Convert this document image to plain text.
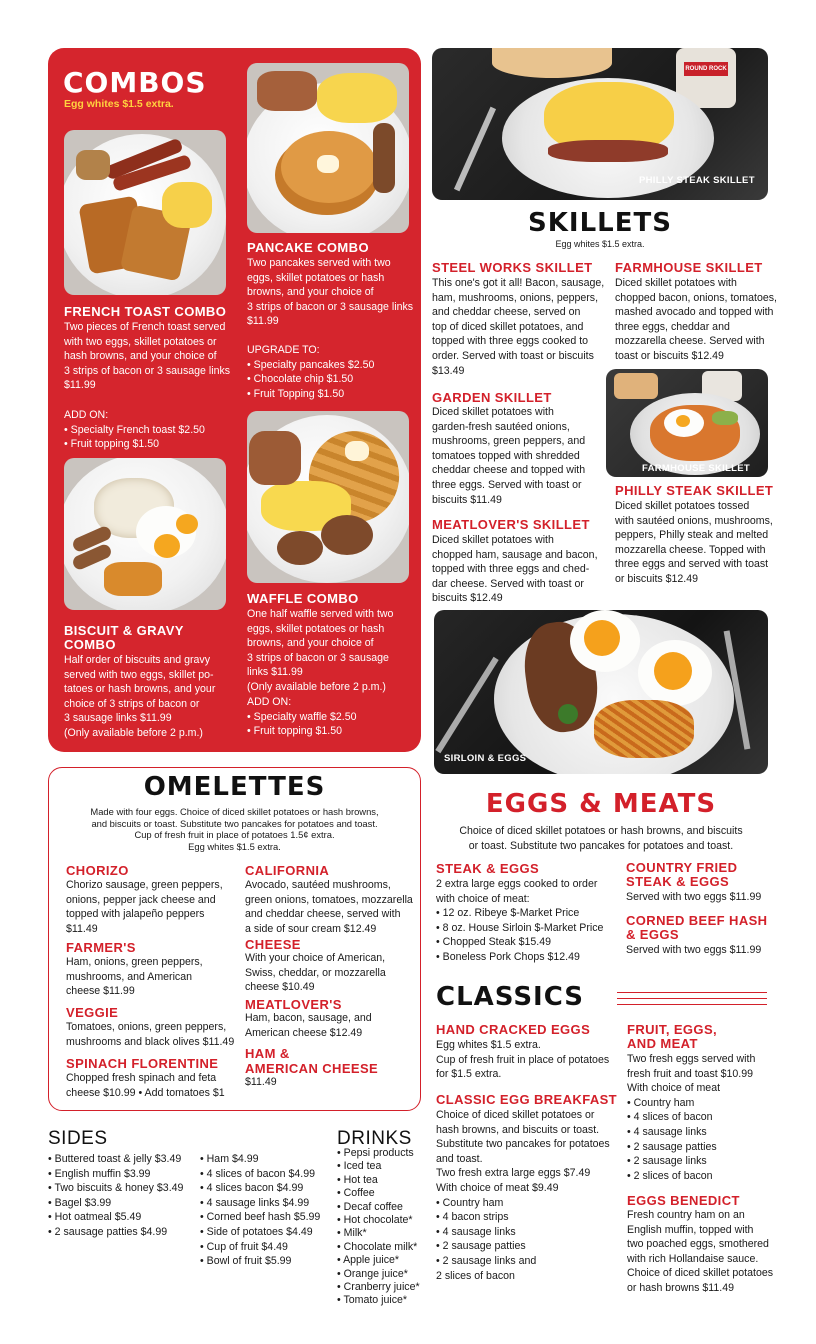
COMBOS
Egg whites $1.5 extra.
FRENCH TOAST COMBO
Two pieces of French toast served
with two eggs, skillet potatoes or
hash browns, and your choice of
3 strips of bacon or 3 sausage links
$11.99
ADD ON:
• Specialty French toast $2.50
• Fruit topping $1.50
PANCAKE COMBO
Two pancakes served with two
eggs, skillet potatoes or hash
browns, and your choice of
3 strips of bacon or 3 sausage links
$11.99
UPGRADE TO:
• Specialty pancakes $2.50
• Chocolate chip $1.50
• Fruit Topping $1.50
BISCUIT & GRAVY
COMBO
Half order of biscuits and gravy
served with two eggs, skillet po-
tatoes or hash browns, and your
choice of 3 strips of bacon or
3 sausage links $11.99
(Only available before 2 p.m.)
WAFFLE COMBO
One half waffle served with two
eggs, skillet potatoes or hash
browns, and your choice of
3 strips of bacon or 3 sausage
links $11.99
(Only available before 2 p.m.)
ADD ON:
• Specialty waffle $2.50
• Fruit topping $1.50
ROUND ROCK
PHILLY STEAK SKILLET
SKILLETS
Egg whites $1.5 extra.
STEEL WORKS SKILLET
This one's got it all! Bacon, sausage,
ham, mushrooms, onions, peppers,
and cheddar cheese, served on
top of diced skillet potatoes, and
topped with three eggs cooked to
order. Served with toast or biscuits
$13.49
GARDEN SKILLET
Diced skillet potatoes with
garden-fresh sautéed onions,
mushrooms, green peppers, and
tomatoes topped with shredded
cheddar cheese and topped with
three eggs. Served with toast or
biscuits $11.49
MEATLOVER'S SKILLET
Diced skillet potatoes with
chopped ham, sausage and bacon,
topped with three eggs and ched-
dar cheese. Served with toast or
biscuits $12.49
FARMHOUSE SKILLET
Diced skillet potatoes with
chopped bacon, onions, tomatoes,
mashed avocado and topped with
three eggs, cheddar and
mozzarella cheese. Served with
toast or biscuits $12.49
FARMHOUSE SKILLET
PHILLY STEAK SKILLET
Diced skillet potatoes tossed
with sautéed onions, mushrooms,
peppers, Philly steak and melted
mozzarella cheese. Topped with
three eggs and served with toast
or biscuits $12.49
SIRLOIN & EGGS
OMELETTES
Made with four eggs. Choice of diced skillet potatoes or hash browns,
and biscuits or toast. Substitute two pancakes for potatoes and toast.
Cup of fresh fruit in place of potatoes 1.5¢ extra.
Egg whites $1.5 extra.
CHORIZO
Chorizo sausage, green peppers,
onions, pepper jack cheese and
topped with jalapeño peppers
$11.49
FARMER'S
Ham, onions, green peppers,
mushrooms, and American
cheese $11.99
VEGGIE
Tomatoes, onions, green peppers,
mushrooms and black olives $11.49
SPINACH FLORENTINE
Chopped fresh spinach and feta
cheese $10.99 • Add tomatoes $1
CALIFORNIA
Avocado, sautéed mushrooms,
green onions, tomatoes, mozzarella
and cheddar cheese, served with
a side of sour cream $12.49
CHEESE
With your choice of American,
Swiss, cheddar, or mozzarella
cheese $10.49
MEATLOVER'S
Ham, bacon, sausage, and
American cheese $12.49
HAM &
AMERICAN CHEESE
$11.49
EGGS & MEATS
Choice of diced skillet potatoes or hash browns, and biscuits
or toast. Substitute two pancakes for potatoes and toast.
STEAK & EGGS
2 extra large eggs cooked to order
with choice of meat:
• 12 oz. Ribeye $-Market Price
• 8 oz. House Sirloin $-Market Price
• Chopped Steak $15.49
• Boneless Pork Chops $12.49
COUNTRY FRIED
STEAK & EGGS
Served with two eggs $11.99
CORNED BEEF HASH
& EGGS
Served with two eggs $11.99
CLASSICS
HAND CRACKED EGGS
Egg whites $1.5 extra.
Cup of fresh fruit in place of potatoes
for $1.5 extra.
CLASSIC EGG BREAKFAST
Choice of diced skillet potatoes or
hash browns, and biscuits or toast.
Substitute two pancakes for potatoes
and toast.
Two fresh extra large eggs $7.49
With choice of meat $9.49
• Country ham
• 4 bacon strips
• 4 sausage links
• 2 sausage patties
• 2 sausage links and
2 slices of bacon
FRUIT, EGGS,
AND MEAT
Two fresh eggs served with
fresh fruit and toast $10.99
With choice of meat
• Country ham
• 4 slices of bacon
• 4 sausage links
• 2 sausage patties
• 2 sausage links
• 2 slices of bacon
EGGS BENEDICT
Fresh country ham on an
English muffin, topped with
two poached eggs, smothered
with rich Hollandaise sauce.
Choice of diced skillet potatoes
or hash browns $11.49
SIDES
• Buttered toast & jelly $3.49
• English muffin $3.99
• Two biscuits & honey $3.49
• Bagel $3.99
• Hot oatmeal $5.49
• 2 sausage patties $4.99
• Ham $4.99
• 4 slices of bacon $4.99
• 4 slices bacon $4.99
• 4 sausage links $4.99
• Corned beef hash $5.99
• Side of potatoes $4.49
• Cup of fruit $4.49
• Bowl of fruit $5.99
DRINKS
• Pepsi products
• Iced tea
• Hot tea
• Coffee
• Decaf coffee
• Hot chocolate*
• Milk*
• Chocolate milk*
• Apple juice*
• Orange juice*
• Cranberry juice*
• Tomato juice*
